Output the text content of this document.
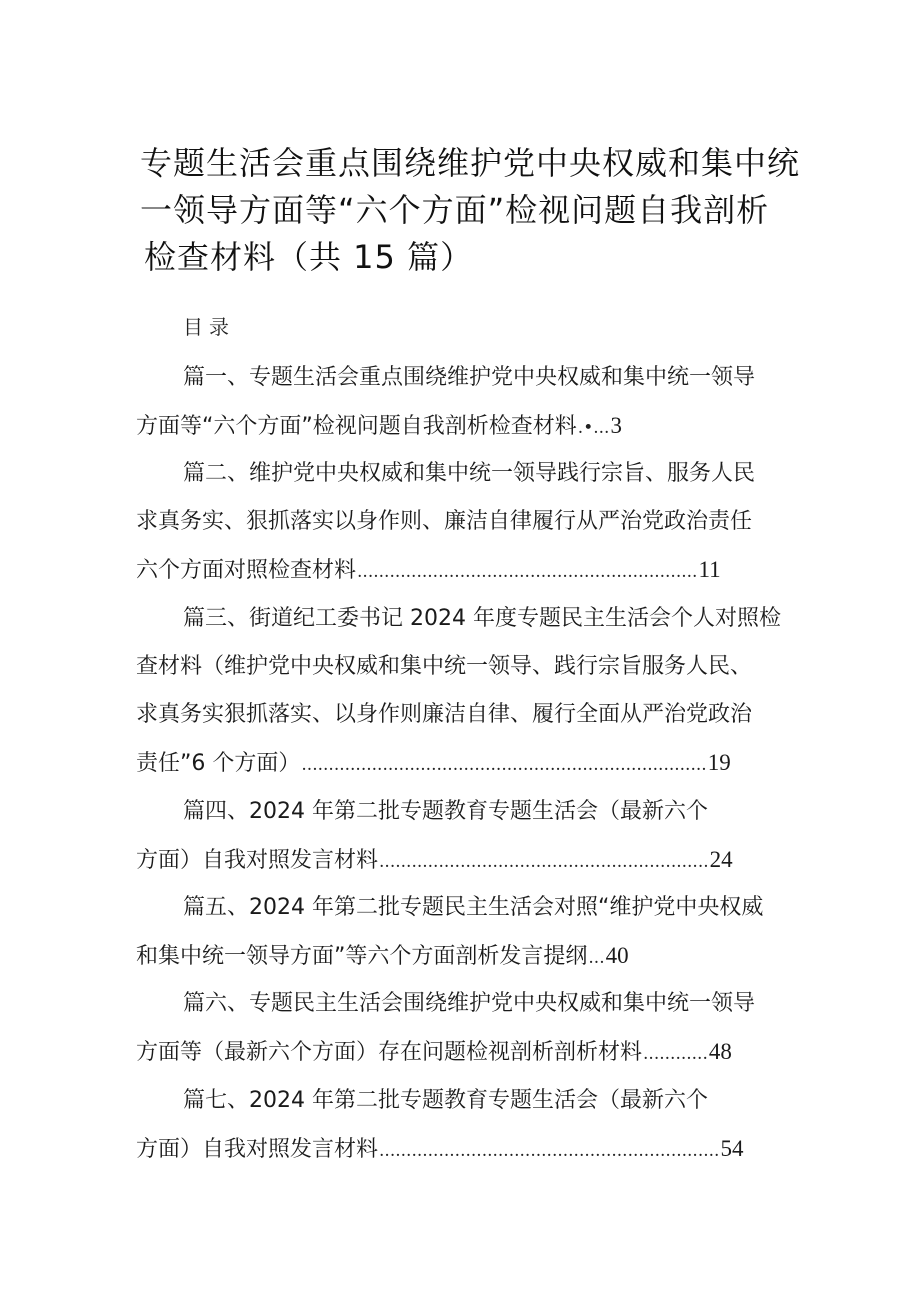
专题生活会重点围绕维护党中央权威和集中统
一领导方面等“六个方面”检视问题自我剖析
检查材料（共 15 篇）
目录
篇一、专题生活会重点围绕维护党中央权威和集中统一领导
方面等“六个方面”检视问题自我剖析检查材料 .•... 3
篇二、维护党中央权威和集中统一领导践行宗旨、服务人民
求真务实、狠抓落实以身作则、廉洁自律履行从严治党政治责任
六个方面对照检查材料 ............................................................... 11
篇三、街道纪工委书记 2024 年度专题民主生活会个人对照检
查材料（维护党中央权威和集中统一领导、践行宗旨服务人民、
求真务实狠抓落实、以身作则廉洁自律、履行全面从严治党政治
责任”6 个方面） ........................................................................... 19
篇四、2024 年第二批专题教育专题生活会（最新六个
方面）自我对照发言材料 ............................................................. 24
篇五、2024 年第二批专题民主生活会对照“维护党中央权威
和集中统一领导方面”等六个方面剖析发言提纲 ... 40
篇六、专题民主生活会围绕维护党中央权威和集中统一领导
方面等（最新六个方面）存在问题检视剖析剖析材料 ............ 48
篇七、2024 年第二批专题教育专题生活会（最新六个
方面）自我对照发言材料 ............................................................... 54
